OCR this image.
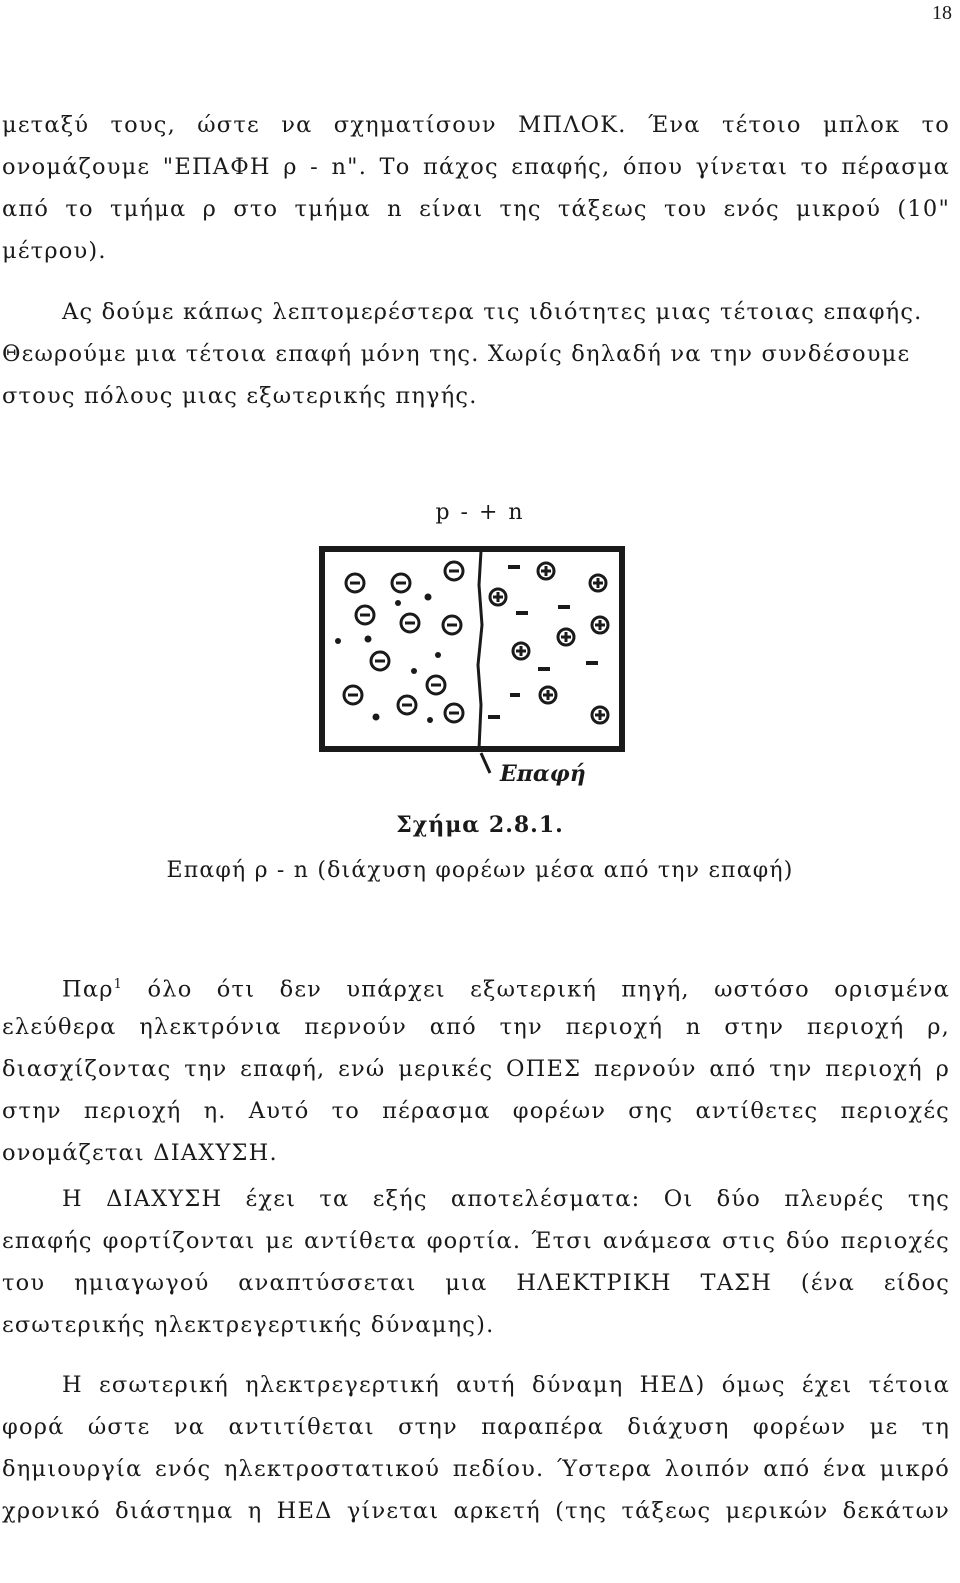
18
μεταξύ τους, ώστε να σχηματίσουν ΜΠΛΟΚ. Ένα τέτοιο μπλοκ το
ονομάζουμε "ΕΠΑΦΗ ρ - n". Το πάχος επαφής, όπου γίνεται το πέρασμα
από το τμήμα ρ στο τμήμα n είναι της τάξεως του ενός μικρού (10"
μέτρου).
Ας δούμε κάπως λεπτομερέστερα τις ιδιότητες μιας τέτοιας επαφής.
Θεωρούμε μια τέτοια επαφή μόνη της. Χωρίς δηλαδή να την συνδέσουμε
στους πόλους μιας εξωτερικής πηγής.
p - + n
Επαφή
Σχήμα 2.8.1.
Επαφή ρ - n (διάχυση φορέων μέσα από την επαφή)
Παρ$^1$ όλο ότι δεν υπάρχει εξωτερική πηγή, ωστόσο ορισμένα
ελεύθερα ηλεκτρόνια περνούν από την περιοχή n στην περιοχή ρ,
διασχίζοντας την επαφή, ενώ μερικές ΟΠΕΣ περνούν από την περιοχή ρ
στην περιοχή η. Αυτό το πέρασμα φορέων σης αντίθετες περιοχές
ονομάζεται ΔΙΑΧΥΣΗ.
Η ΔΙΑΧΥΣΗ έχει τα εξής αποτελέσματα: Οι δύο πλευρές της
επαφής φορτίζονται με αντίθετα φορτία. Έτσι ανάμεσα στις δύο περιοχές
του ημιαγωγού αναπτύσσεται μια ΗΛΕΚΤΡΙΚΗ ΤΑΣΗ (ένα είδος
εσωτερικής ηλεκτρεγερτικής δύναμης).
Η εσωτερική ηλεκτρεγερτική αυτή δύναμη ΗΕΔ) όμως έχει τέτοια
φορά ώστε να αντιτίθεται στην παραπέρα διάχυση φορέων με τη
δημιουργία ενός ηλεκτροστατικού πεδίου. Ύστερα λοιπόν από ένα μικρό
χρονικό διάστημα η ΗΕΔ γίνεται αρκετή (της τάξεως μερικών δεκάτων
